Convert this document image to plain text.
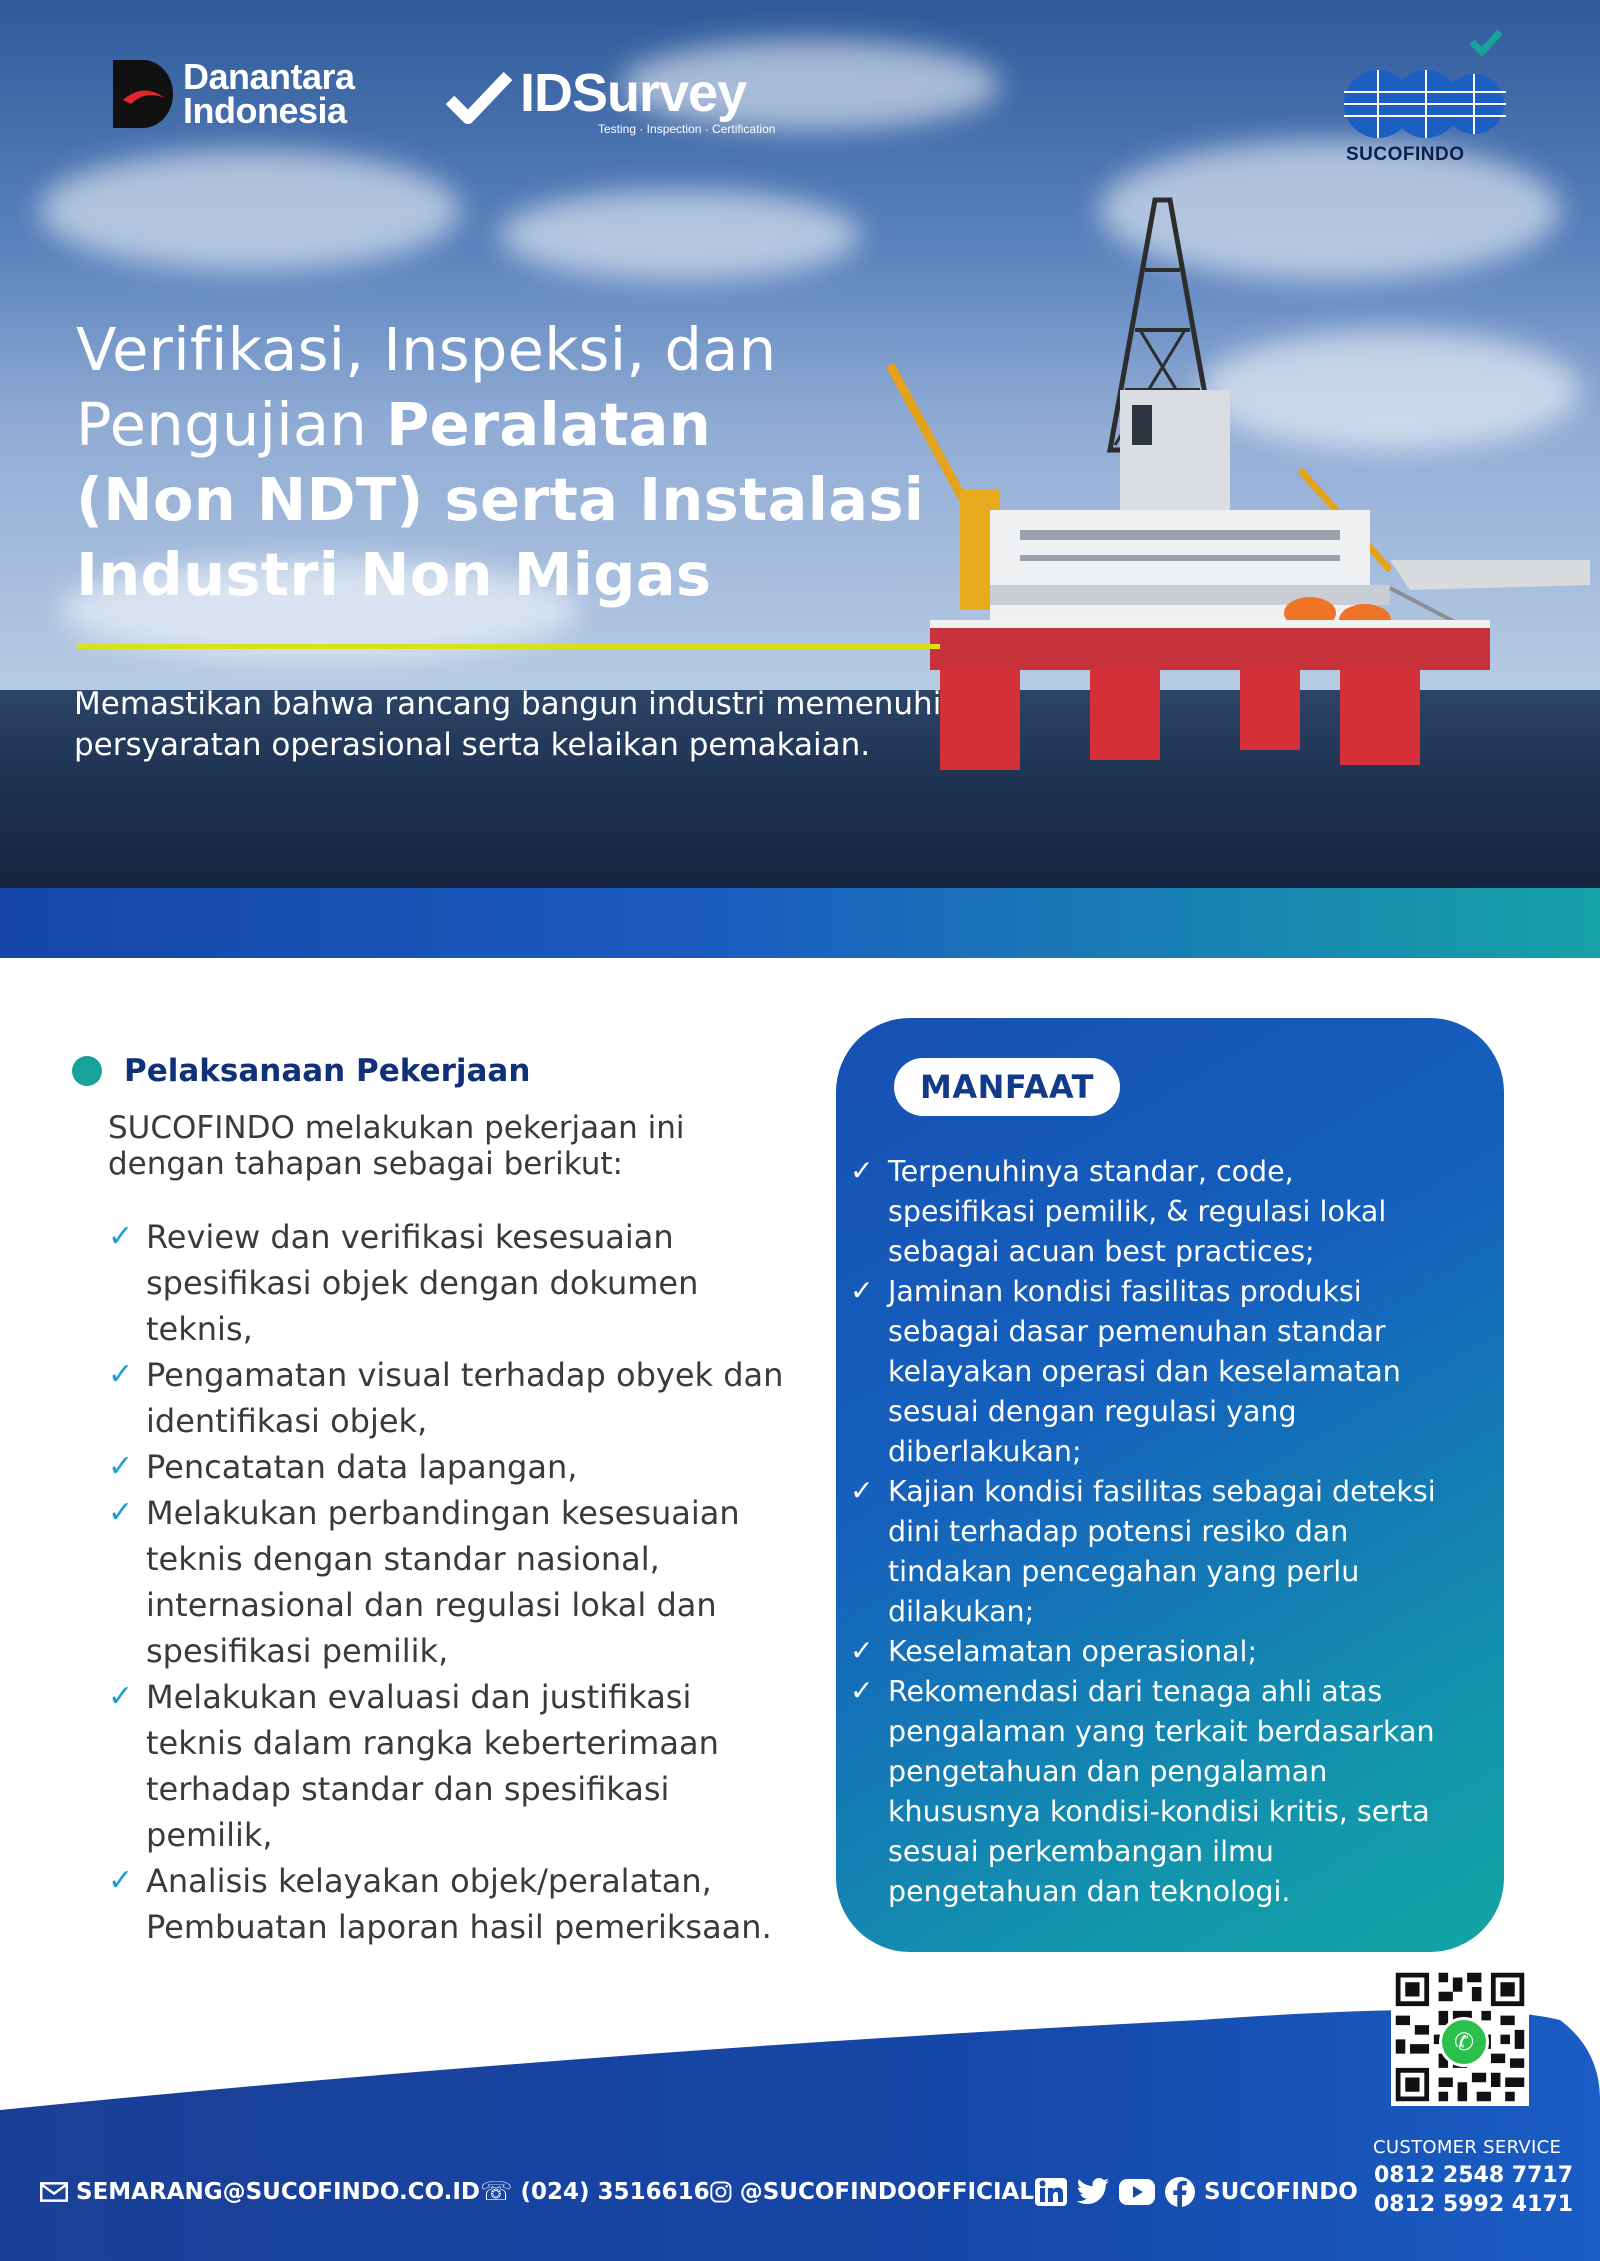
Danantara
Indonesia	IDSurvey
Testing · Inspection · Certification
SUCOFINDO
Verifikasi, Inspeksi, dan
Pengujian Peralatan
(Non NDT) serta Instalasi
Industri Non Migas
Memastikan bahwa rancang bangun industri memenuhi
persyaratan operasional serta kelaikan pemakaian.
Pelaksanaan Pekerjaan
SUCOFINDO melakukan pekerjaan ini
dengan tahapan sebagai berikut:
✓ Review dan verifikasi kesesuaian
spesifikasi objek dengan dokumen
teknis,
✓ Pengamatan visual terhadap obyek dan
identifikasi objek,
✓ Pencatatan data lapangan,
✓ Melakukan perbandingan kesesuaian
teknis dengan standar nasional,
internasional dan regulasi lokal dan
spesifikasi pemilik,
✓ Melakukan evaluasi dan justifikasi
teknis dalam rangka keberterimaan
terhadap standar dan spesifikasi
pemilik,
✓ Analisis kelayakan objek/peralatan,
Pembuatan laporan hasil pemeriksaan.
MANFAAT
✓ Terpenuhinya standar, code,
spesifikasi pemilik, & regulasi lokal
sebagai acuan best practices;
✓ Jaminan kondisi fasilitas produksi
sebagai dasar pemenuhan standar
kelayakan operasi dan keselamatan
sesuai dengan regulasi yang
diberlakukan;
✓ Kajian kondisi fasilitas sebagai deteksi
dini terhadap potensi resiko dan
tindakan pencegahan yang perlu
dilakukan;
✓ Keselamatan operasional;
✓ Rekomendasi dari tenaga ahli atas
pengalaman yang terkait berdasarkan
pengetahuan dan pengalaman
khususnya kondisi-kondisi kritis, serta
sesuai perkembangan ilmu
pengetahuan dan teknologi.
✆
CUSTOMER SERVICE
0812 2548 7717
0812 5992 4171
SEMARANG@SUCOFINDO.CO.ID ☏ (024) 3516616 @SUCOFINDOOFFICIAL	SUCOFINDO
